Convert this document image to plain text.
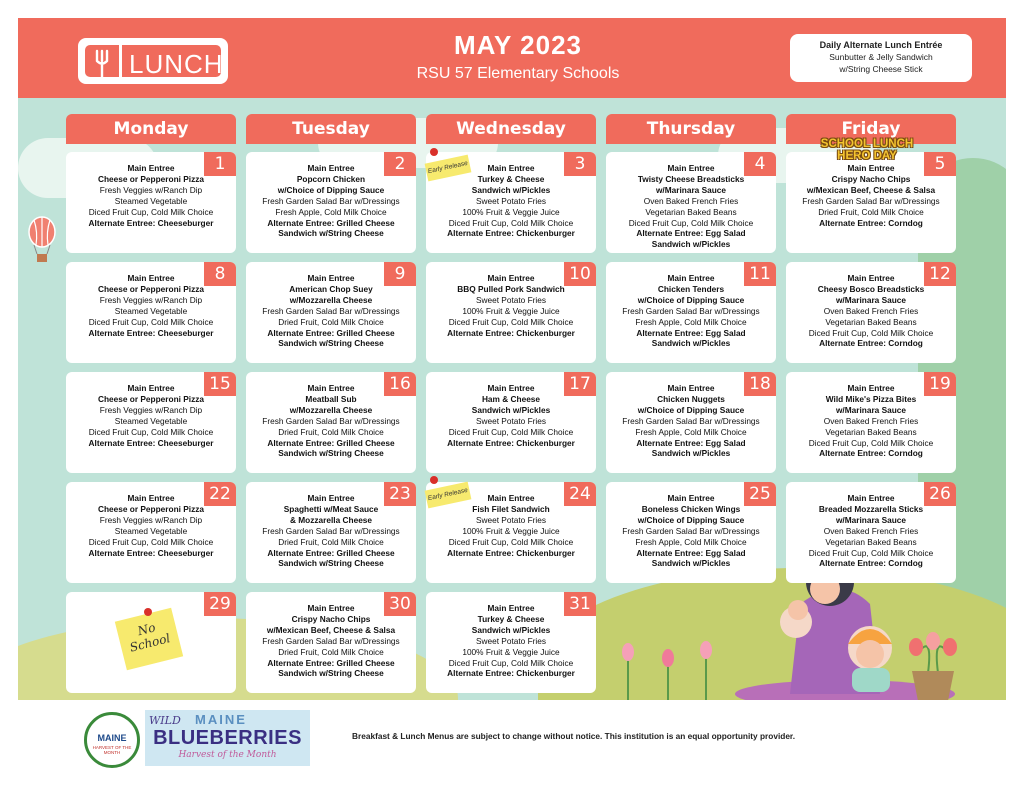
LUNCH
MAY 2023
RSU 57 Elementary Schools
Daily Alternate Lunch Entrée
Sunbutter & Jelly Sandwich
w/String Cheese Stick
Monday	Tuesday	Wednesday	Thursday	Friday
1
Main Entree
Cheese or Pepperoni Pizza
Fresh Veggies w/Ranch Dip
Steamed Vegetable
Diced Fruit Cup, Cold Milk Choice
Alternate Entree: Cheeseburger
2
Main Entree
Popcorn Chicken
w/Choice of Dipping Sauce
Fresh Garden Salad Bar w/Dressings
Fresh Apple, Cold Milk Choice
Alternate Entree: Grilled Cheese
Sandwich w/String Cheese
3
Main Entree
Turkey & Cheese
Sandwich w/Pickles
Sweet Potato Fries
100% Fruit & Veggie Juice
Diced Fruit Cup, Cold Milk Choice
Alternate Entree: Chickenburger
4
Main Entree
Twisty Cheese Breadsticks
w/Marinara Sauce
Oven Baked French Fries
Vegetarian Baked Beans
Diced Fruit Cup, Cold Milk Choice
Alternate Entree: Egg Salad
Sandwich w/Pickles
5
Main Entree
Crispy Nacho Chips
w/Mexican Beef, Cheese & Salsa
Fresh Garden Salad Bar w/Dressings
Dried Fruit, Cold Milk Choice
Alternate Entree: Corndog
8
Main Entree
Cheese or Pepperoni Pizza
Fresh Veggies w/Ranch Dip
Steamed Vegetable
Diced Fruit Cup, Cold Milk Choice
Alternate Entree: Cheeseburger
9
Main Entree
American Chop Suey
w/Mozzarella Cheese
Fresh Garden Salad Bar w/Dressings
Dried Fruit, Cold Milk Choice
Alternate Entree: Grilled Cheese
Sandwich w/String Cheese
10
Main Entree
BBQ Pulled Pork Sandwich
Sweet Potato Fries
100% Fruit & Veggie Juice
Diced Fruit Cup, Cold Milk Choice
Alternate Entree: Chickenburger
11
Main Entree
Chicken Tenders
w/Choice of Dipping Sauce
Fresh Garden Salad Bar w/Dressings
Fresh Apple, Cold Milk Choice
Alternate Entree: Egg Salad
Sandwich w/Pickles
12
Main Entree
Cheesy Bosco Breadsticks
w/Marinara Sauce
Oven Baked French Fries
Vegetarian Baked Beans
Diced Fruit Cup, Cold Milk Choice
Alternate Entree: Corndog
15
Main Entree
Cheese or Pepperoni Pizza
Fresh Veggies w/Ranch Dip
Steamed Vegetable
Diced Fruit Cup, Cold Milk Choice
Alternate Entree: Cheeseburger
16
Main Entree
Meatball Sub
w/Mozzarella Cheese
Fresh Garden Salad Bar w/Dressings
Dried Fruit, Cold Milk Choice
Alternate Entree: Grilled Cheese
Sandwich w/String Cheese
17
Main Entree
Ham & Cheese
Sandwich w/Pickles
Sweet Potato Fries
Diced Fruit Cup, Cold Milk Choice
Alternate Entree: Chickenburger
18
Main Entree
Chicken Nuggets
w/Choice of Dipping Sauce
Fresh Garden Salad Bar w/Dressings
Fresh Apple, Cold Milk Choice
Alternate Entree: Egg Salad
Sandwich w/Pickles
19
Main Entree
Wild Mike's Pizza Bites
w/Marinara Sauce
Oven Baked French Fries
Vegetarian Baked Beans
Diced Fruit Cup, Cold Milk Choice
Alternate Entree: Corndog
22
Main Entree
Cheese or Pepperoni Pizza
Fresh Veggies w/Ranch Dip
Steamed Vegetable
Diced Fruit Cup, Cold Milk Choice
Alternate Entree: Cheeseburger
23
Main Entree
Spaghetti w/Meat Sauce
& Mozzarella Cheese
Fresh Garden Salad Bar w/Dressings
Dried Fruit, Cold Milk Choice
Alternate Entree: Grilled Cheese
Sandwich w/String Cheese
24
Main Entree
Fish Filet Sandwich
Sweet Potato Fries
100% Fruit & Veggie Juice
Diced Fruit Cup, Cold Milk Choice
Alternate Entree: Chickenburger
25
Main Entree
Boneless Chicken Wings
w/Choice of Dipping Sauce
Fresh Garden Salad Bar w/Dressings
Fresh Apple, Cold Milk Choice
Alternate Entree: Egg Salad
Sandwich w/Pickles
26
Main Entree
Breaded Mozzarella Sticks
w/Marinara Sauce
Oven Baked French Fries
Vegetarian Baked Beans
Diced Fruit Cup, Cold Milk Choice
Alternate Entree: Corndog
29	30
Main Entree
Crispy Nacho Chips
w/Mexican Beef, Cheese & Salsa
Fresh Garden Salad Bar w/Dressings
Dried Fruit, Cold Milk Choice
Alternate Entree: Grilled Cheese
Sandwich w/String Cheese
31
Main Entree
Turkey & Cheese
Sandwich w/Pickles
Sweet Potato Fries
100% Fruit & Veggie Juice
Diced Fruit Cup, Cold Milk Choice
Alternate Entree: Chickenburger
Early Release
Early Release
No School
SCHOOL LUNCH HERO DAY
MAINE
HARVEST OF THE MONTH
WILD MAINE
BLUEBERRIES
Harvest of the Month
Breakfast & Lunch Menus are subject to change without notice. This institution is an equal opportunity provider.
